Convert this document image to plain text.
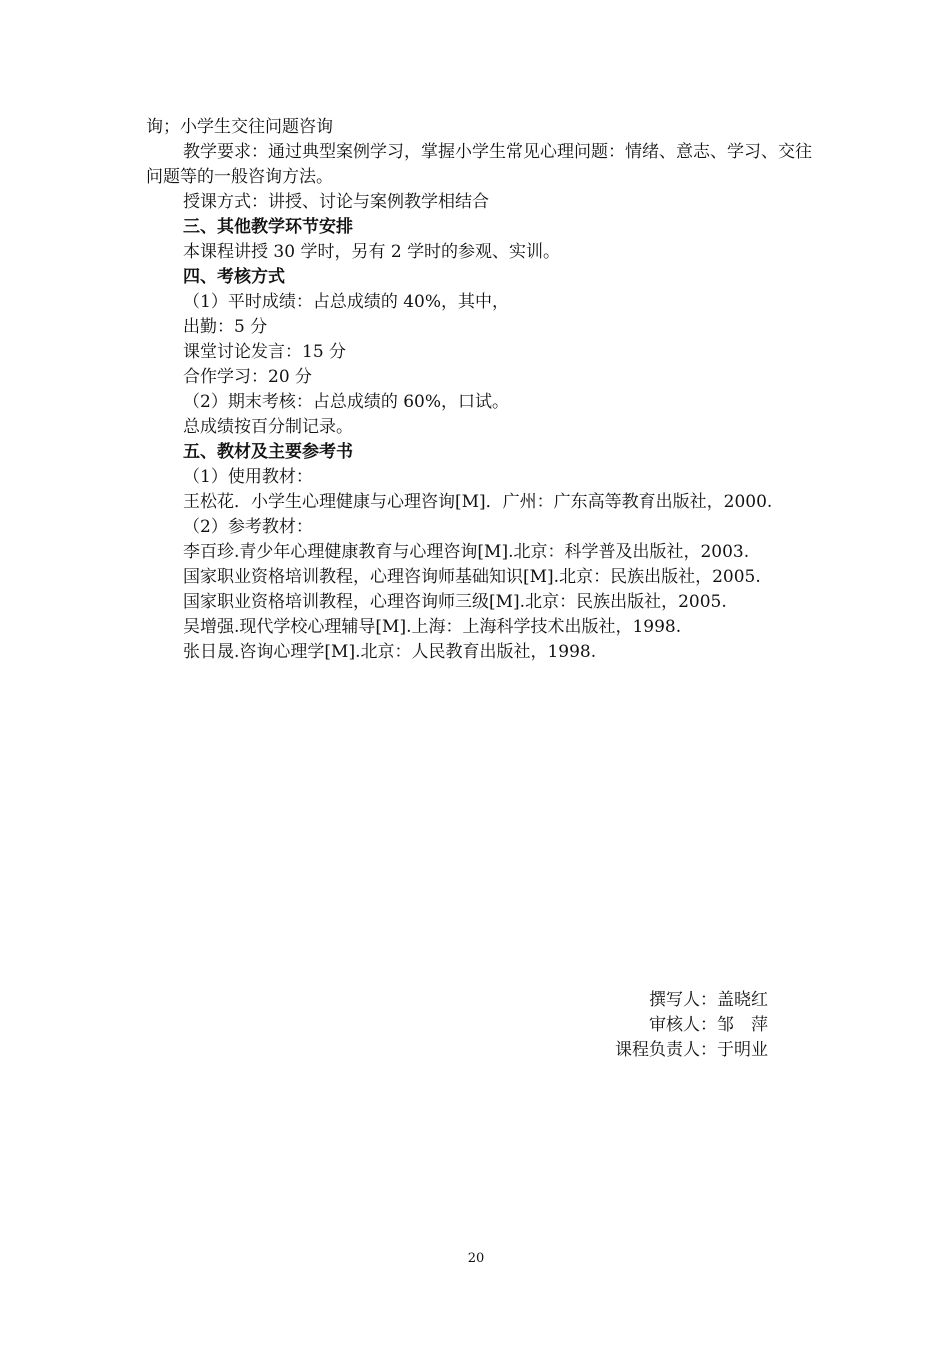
询；小学生交往问题咨询
教学要求：通过典型案例学习，掌握小学生常见心理问题：情绪、意志、学习、交往问题等的一般咨询方法。
授课方式：讲授、讨论与案例教学相结合
三、其他教学环节安排
本课程讲授 30 学时，另有 2 学时的参观、实训。
四、考核方式
（1）平时成绩：占总成绩的 40%，其中，
出勤：5 分
课堂讨论发言：15 分
合作学习：20 分
（2）期末考核：占总成绩的 60%，口试。
总成绩按百分制记录。
五、教材及主要参考书
（1）使用教材：
王松花．小学生心理健康与心理咨询[M]．广州：广东高等教育出版社，2000.
（2）参考教材：
李百珍.青少年心理健康教育与心理咨询[M].北京：科学普及出版社，2003.
国家职业资格培训教程，心理咨询师基础知识[M].北京：民族出版社，2005.
国家职业资格培训教程，心理咨询师三级[M].北京：民族出版社，2005.
吴增强.现代学校心理辅导[M].上海：上海科学技术出版社，1998.
张日晟.咨询心理学[M].北京：人民教育出版社，1998.
撰写人：盖晓红
审核人：邹　萍
课程负责人：于明业
20
